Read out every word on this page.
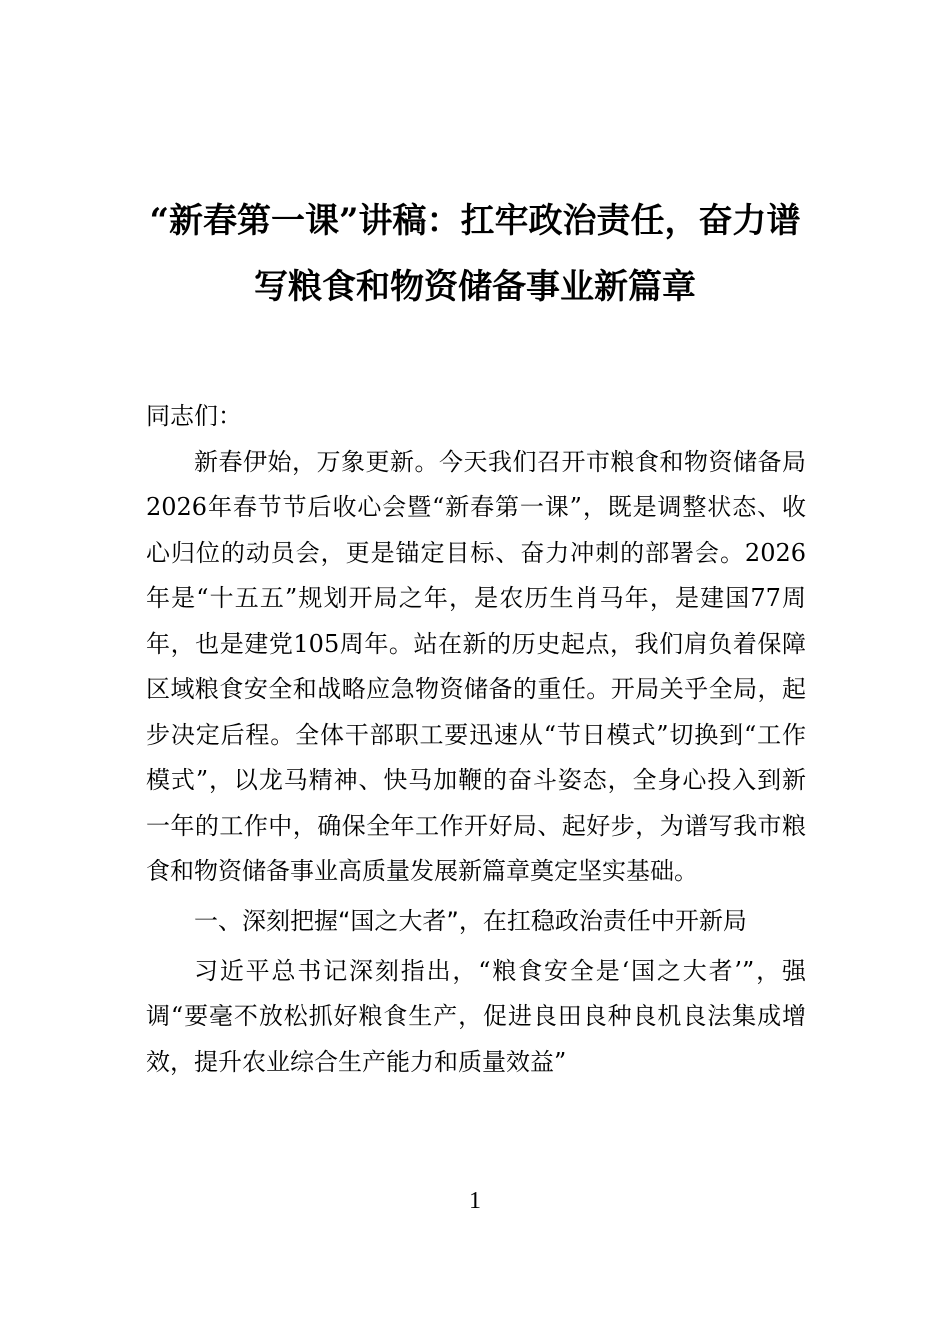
“新春第一课”讲稿：扛牢政治责任，奋力谱写粮食和物资储备事业新篇章

同志们：

新春伊始，万象更新。今天我们召开市粮食和物资储备局2026年春节节后收心会暨“新春第一课”，既是调整状态、收心归位的动员会，更是锚定目标、奋力冲刺的部署会。2026年是“十五五”规划开局之年，是农历生肖马年，是建国77周年，也是建党105周年。站在新的历史起点，我们肩负着保障区域粮食安全和战略应急物资储备的重任。开局关乎全局，起步决定后程。全体干部职工要迅速从“节日模式”切换到“工作模式”，以龙马精神、快马加鞭的奋斗姿态，全身心投入到新一年的工作中，确保全年工作开好局、起好步，为谱写我市粮食和物资储备事业高质量发展新篇章奠定坚实基础。

一、深刻把握“国之大者”，在扛稳政治责任中开新局

习近平总书记深刻指出，“粮食安全是‘国之大者’”，强调“要毫不放松抓好粮食生产，促进良田良种良机良法集成增效，提升农业综合生产能力和质量效益”

1
